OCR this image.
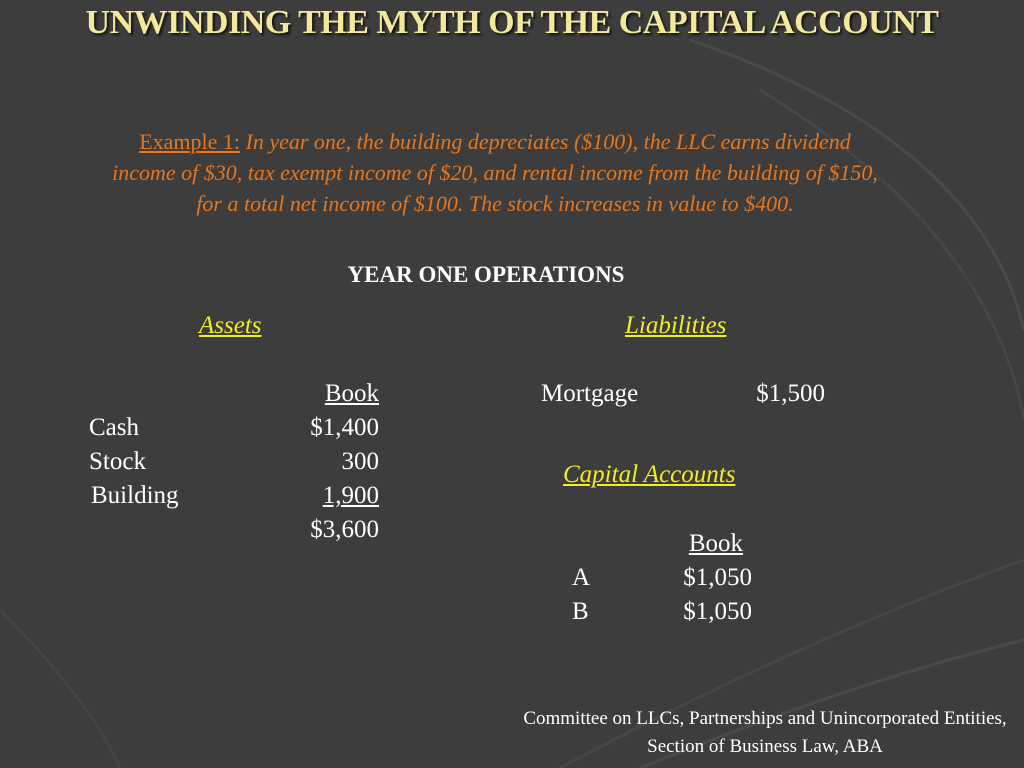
UNWINDING THE MYTH OF THE CAPITAL ACCOUNT
Example 1: In year one, the building depreciates ($100), the LLC earns dividend income of $30, tax exempt income of $20, and rental income from the building of $150, for a total net income of $100. The stock increases in value to $400.
YEAR ONE OPERATIONS
Assets
Book
Cash	$1,400
Stock	300
Building	1,900
$3,600
Liabilities
Mortgage	$1,500
Capital Accounts
Book
A	$1,050
B	$1,050
Committee on LLCs, Partnerships and Unincorporated Entities, Section of Business Law, ABA
